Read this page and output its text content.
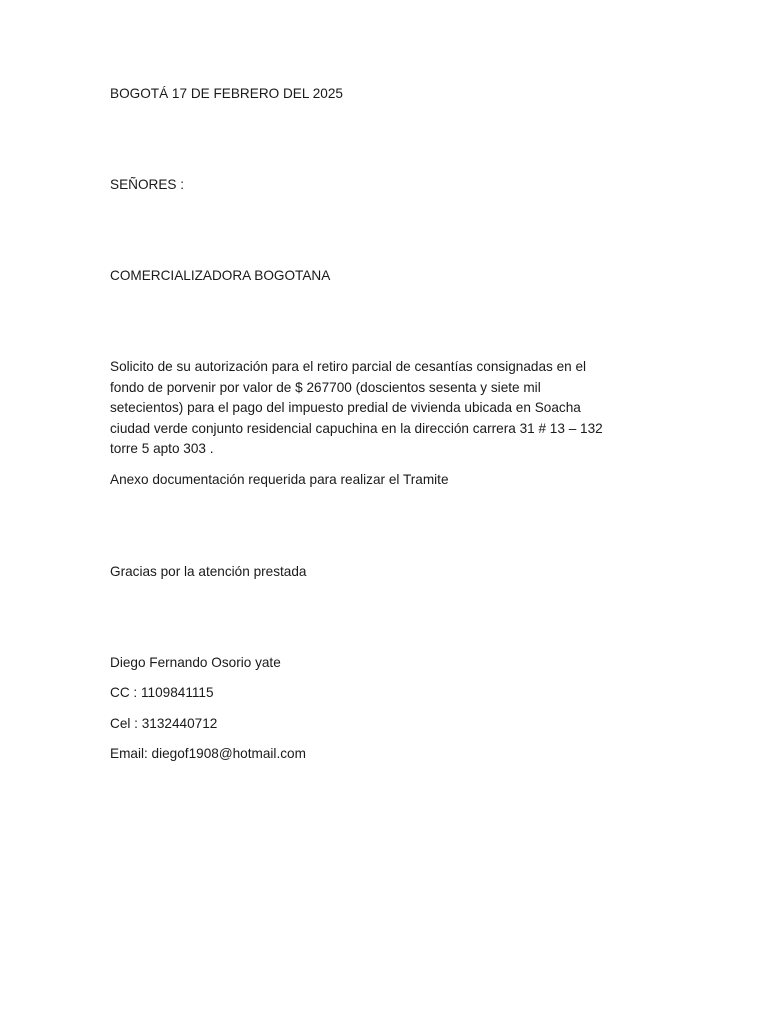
BOGOTÁ 17 DE FEBRERO DEL 2025

SEÑORES :

COMERCIALIZADORA BOGOTANA

Solicito de su autorización para el retiro parcial de cesantías consignadas en el
fondo de porvenir por valor de $ 267700 (doscientos sesenta y siete mil
setecientos) para el pago del impuesto predial de vivienda ubicada en Soacha
ciudad verde conjunto residencial capuchina en la dirección carrera 31 # 13 – 132
torre 5 apto 303 .

Anexo documentación requerida para realizar el Tramite

Gracias por la atención prestada

Diego Fernando Osorio yate

CC : 1109841115

Cel : 3132440712

Email: diegof1908@hotmail.com
